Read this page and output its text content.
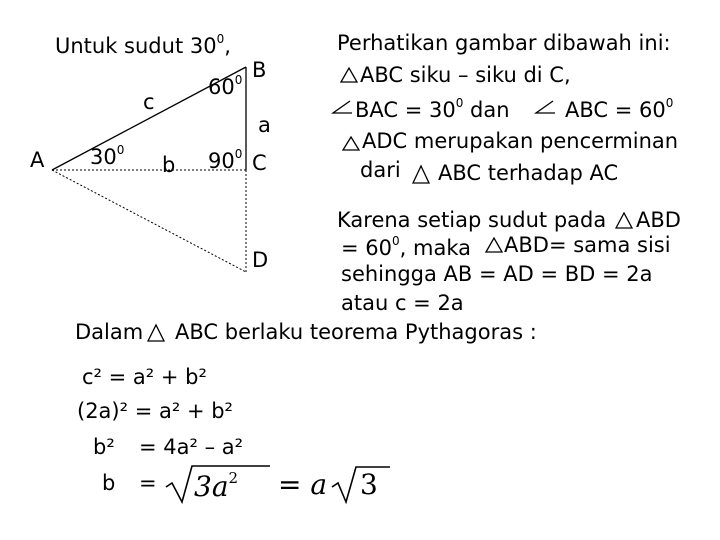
Untuk sudut $30^0$,
A
B
C
D
c
a
b
$30^0$
$60^0$
$90^0$
Perhatikan gambar dibawah ini:
ABC siku – siku di C,
BAC = $30^0$ dan	ABC = $60^0$
ADC merupakan pencerminan
dari ABC terhadap AC
Karena setiap sudut pada ABD
= $60^0$, maka ABD= sama sisi
sehingga AB = AD = BD = 2a
atau c = 2a
Dalam ABC berlaku teorema Pythagoras :
c² = a² + b²
(2a)² = a² + b²
b² = 4a² – a²
$b = 3a^2 = a$ 3
